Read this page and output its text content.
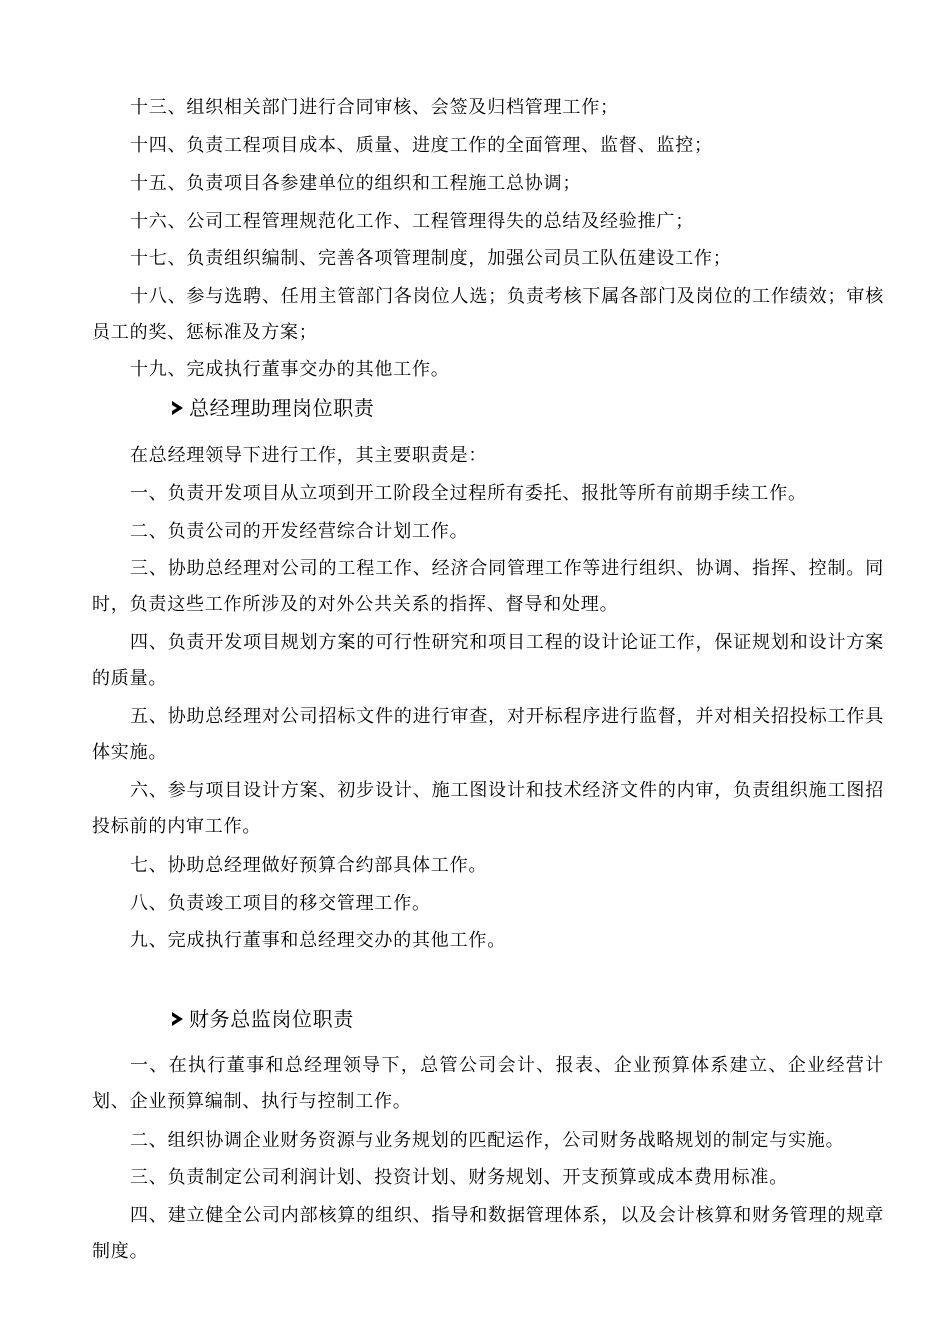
十三、组织相关部门进行合同审核、会签及归档管理工作；
十四、负责工程项目成本、质量、进度工作的全面管理、监督、监控；
十五、负责项目各参建单位的组织和工程施工总协调；
十六、公司工程管理规范化工作、工程管理得失的总结及经验推广；
十七、负责组织编制、完善各项管理制度，加强公司员工队伍建设工作；
十八、参与选聘、任用主管部门各岗位人选；负责考核下属各部门及岗位的工作绩效；审核员工的奖、惩标准及方案；
十九、完成执行董事交办的其他工作。
总经理助理岗位职责
在总经理领导下进行工作，其主要职责是：
一、负责开发项目从立项到开工阶段全过程所有委托、报批等所有前期手续工作。
二、负责公司的开发经营综合计划工作。
三、协助总经理对公司的工程工作、经济合同管理工作等进行组织、协调、指挥、控制。同时，负责这些工作所涉及的对外公共关系的指挥、督导和处理。
四、负责开发项目规划方案的可行性研究和项目工程的设计论证工作，保证规划和设计方案的质量。
五、协助总经理对公司招标文件的进行审查，对开标程序进行监督，并对相关招投标工作具体实施。
六、参与项目设计方案、初步设计、施工图设计和技术经济文件的内审，负责组织施工图招投标前的内审工作。
七、协助总经理做好预算合约部具体工作。
八、负责竣工项目的移交管理工作。
九、完成执行董事和总经理交办的其他工作。
财务总监岗位职责
一、在执行董事和总经理领导下，总管公司会计、报表、企业预算体系建立、企业经营计划、企业预算编制、执行与控制工作。
二、组织协调企业财务资源与业务规划的匹配运作，公司财务战略规划的制定与实施。
三、负责制定公司利润计划、投资计划、财务规划、开支预算或成本费用标准。
四、建立健全公司内部核算的组织、指导和数据管理体系，以及会计核算和财务管理的规章制度。
